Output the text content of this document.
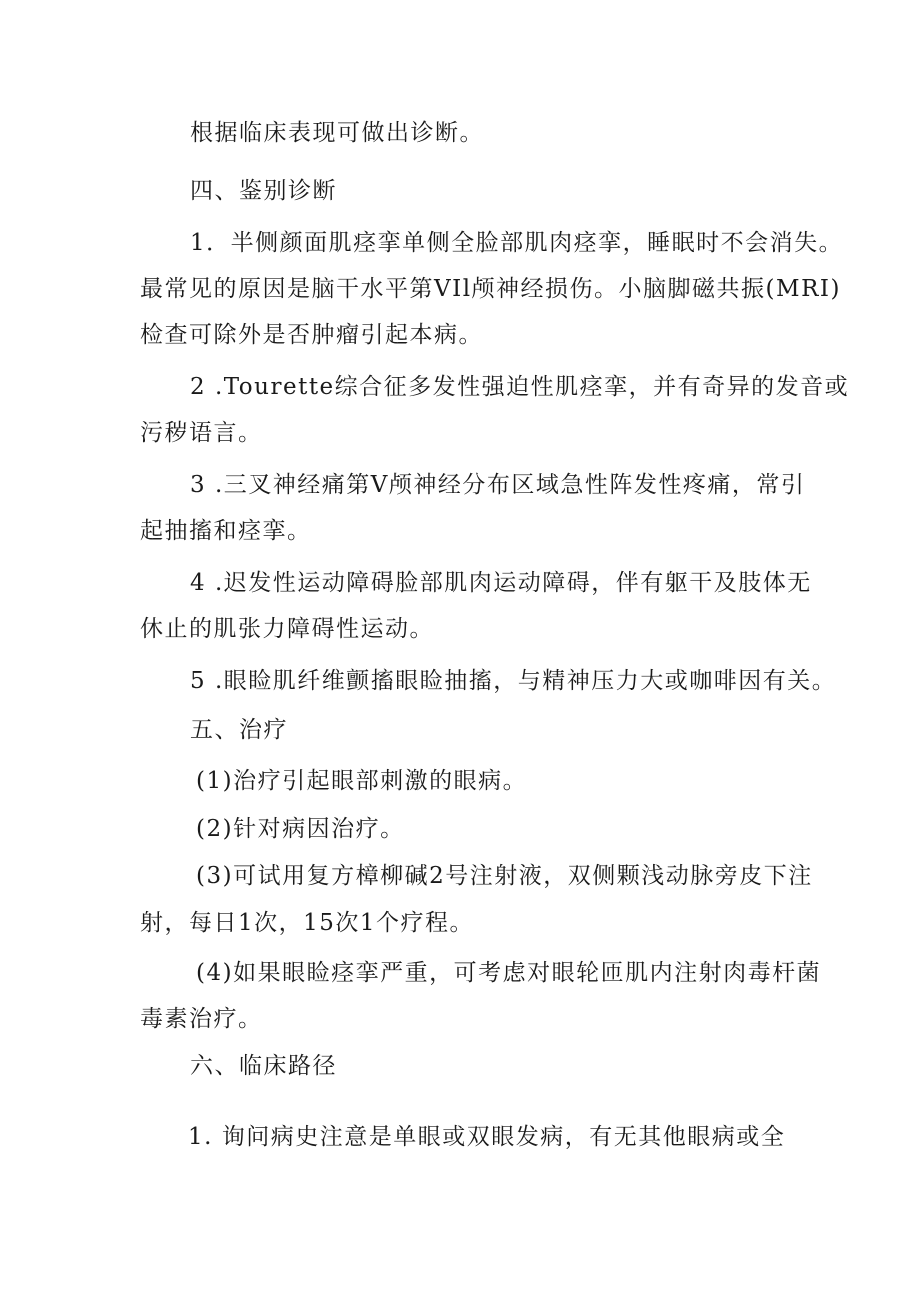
根据临床表现可做出诊断。
四、鉴别诊断
1．半侧颜面肌痉挛单侧全脸部肌肉痉挛，睡眠时不会消失。
最常见的原因是脑干水平第VIl颅神经损伤。小脑脚磁共振(MRI)
检查可除外是否肿瘤引起本病。
2 .Tourette综合征多发性强迫性肌痉挛，并有奇异的发音或
污秽语言。
3 .三叉神经痛第V颅神经分布区域急性阵发性疼痛，常引
起抽搐和痉挛。
4 .迟发性运动障碍脸部肌肉运动障碍，伴有躯干及肢体无
休止的肌张力障碍性运动。
5 .眼睑肌纤维颤搐眼睑抽搐，与精神压力大或咖啡因有关。
五、治疗
(1)治疗引起眼部刺激的眼病。
(2)针对病因治疗。
(3)可试用复方樟柳碱2号注射液，双侧颗浅动脉旁皮下注
射，每日1次，15次1个疗程。
(4)如果眼睑痉挛严重，可考虑对眼轮匝肌内注射肉毒杆菌
毒素治疗。
六、临床路径
1. 询问病史注意是单眼或双眼发病，有无其他眼病或全
